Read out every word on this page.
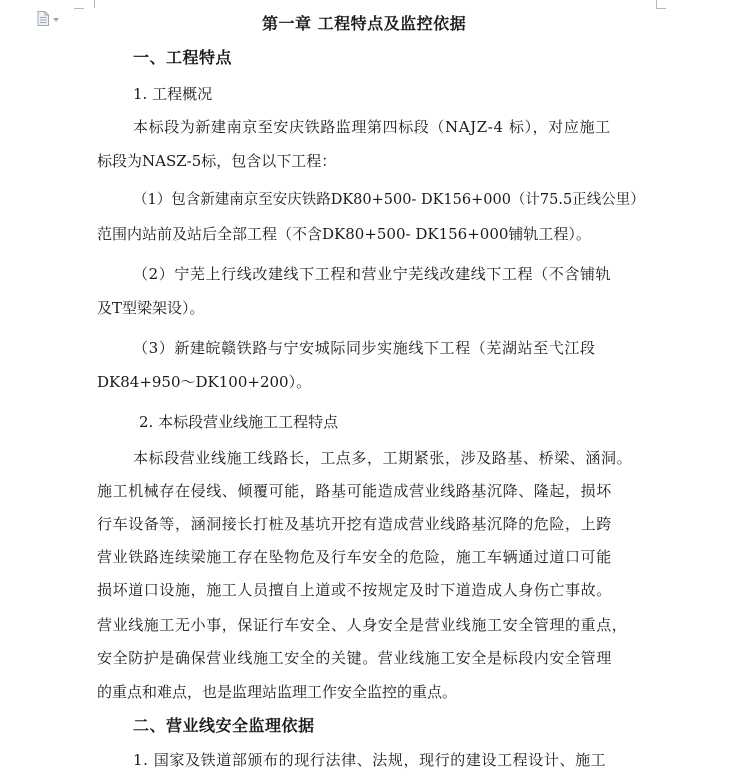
第一章 工程特点及监控依据
一、工程特点
1. 工程概况
本标段为新建南京至安庆铁路监理第四标段（NAJZ-4 标），对应施工
标段为NASZ-5标，包含以下工程：
（1）包含新建南京至安庆铁路DK80+500- DK156+000（计75.5正线公里）
范围内站前及站后全部工程（不含DK80+500- DK156+000铺轨工程）。
（2）宁芜上行线改建线下工程和营业宁芜线改建线下工程（不含铺轨
及T型梁架设）。
（3）新建皖赣铁路与宁安城际同步实施线下工程（芜湖站至弋江段
DK84+950～DK100+200）。
2. 本标段营业线施工工程特点
本标段营业线施工线路长，工点多，工期紧张，涉及路基、桥梁、涵洞。
施工机械存在侵线、倾覆可能，路基可能造成营业线路基沉降、隆起，损坏
行车设备等，涵洞接长打桩及基坑开挖有造成营业线路基沉降的危险，上跨
营业铁路连续梁施工存在坠物危及行车安全的危险，施工车辆通过道口可能
损坏道口设施，施工人员擅自上道或不按规定及时下道造成人身伤亡事故。
营业线施工无小事，保证行车安全、人身安全是营业线施工安全管理的重点，
安全防护是确保营业线施工安全的关键。营业线施工安全是标段内安全管理
的重点和难点，也是监理站监理工作安全监控的重点。
二、营业线安全监理依据
1. 国家及铁道部颁布的现行法律、法规，现行的建设工程设计、施工
